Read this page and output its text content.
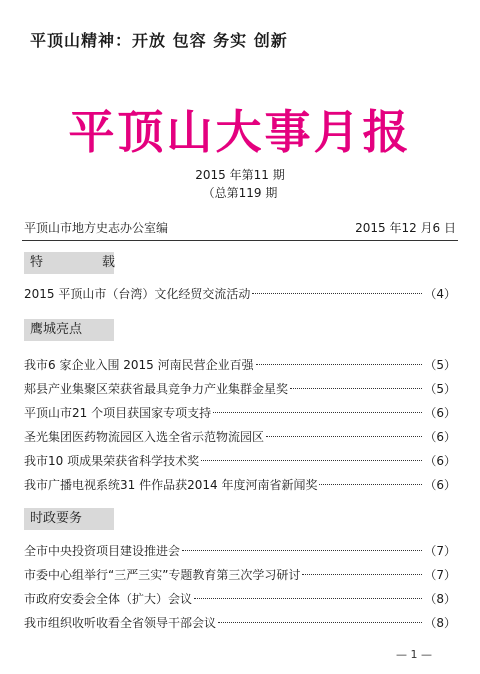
平顶山精神：开放 包容 务实 创新
平顶山大事月报
2015 年第11 期
（总第119 期
平顶山市地方史志办公室编	2015 年12 月6 日
特	载
2015 平顶山市（台湾）文化经贸交流活动	（4）
鹰城亮点
我市6 家企业入围 2015 河南民营企业百强	（5）
郏县产业集聚区荣获省最具竞争力产业集群金星奖	（5）
平顶山市21 个项目获国家专项支持	（6）
圣光集团医药物流园区入选全省示范物流园区	（6）
我市10 项成果荣获省科学技术奖	（6）
我市广播电视系统31 件作品获2014 年度河南省新闻奖	（6）
时政要务
全市中央投资项目建设推进会	（7）
市委中心组举行“三严三实”专题教育第三次学习研讨	（7）
市政府安委会全体（扩大）会议	（8）
我市组织收听收看全省领导干部会议	（8）
— 1 —
